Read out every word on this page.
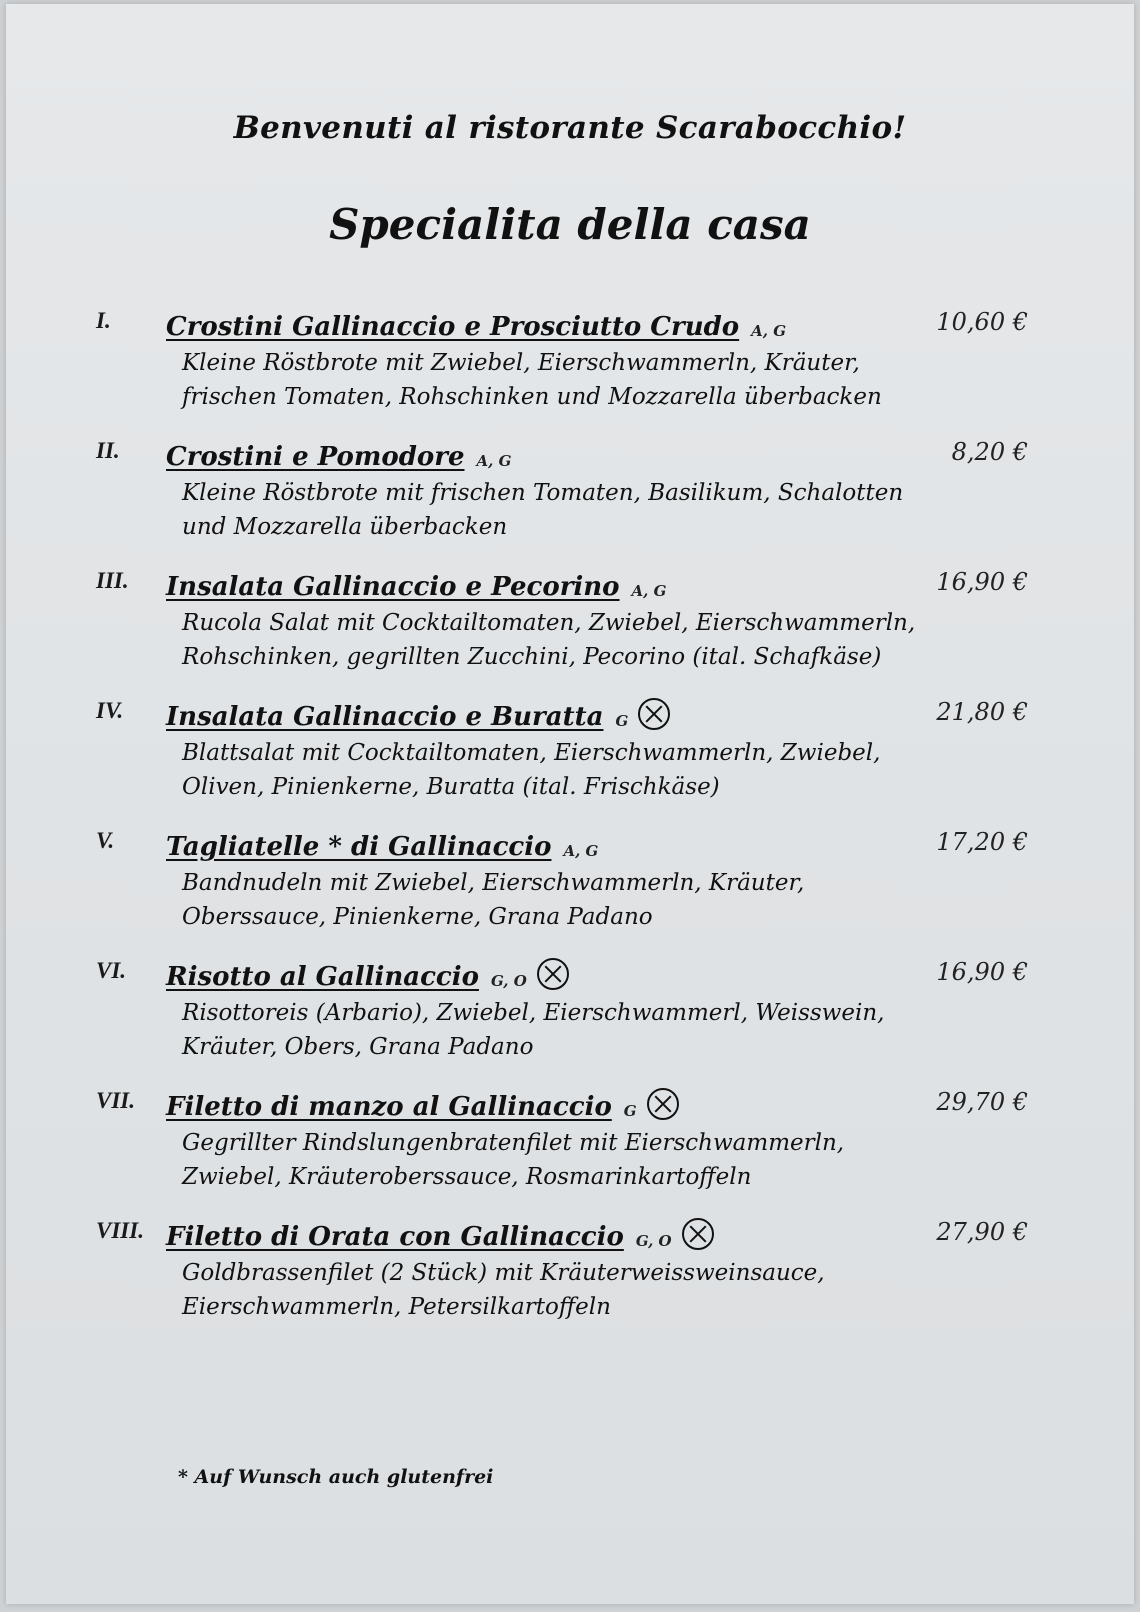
Benvenuti al ristorante Scarabocchio!
Specialita della casa
I.	Crostini Gallinaccio e Prosciutto Crudo A, G	10,60 €
Kleine Röstbrote mit Zwiebel, Eierschwammerln, Kräuter, frischen Tomaten, Rohschinken und Mozzarella überbacken
II.	Crostini e Pomodore A, G	8,20 €
Kleine Röstbrote mit frischen Tomaten, Basilikum, Schalotten und Mozzarella überbacken
III.	Insalata Gallinaccio e Pecorino A, G	16,90 €
Rucola Salat mit Cocktailtomaten, Zwiebel, Eierschwammerln, Rohschinken, gegrillten Zucchini, Pecorino (ital. Schafkäse)
IV.	Insalata Gallinaccio e Buratta G	21,80 €
Blattsalat mit Cocktailtomaten, Eierschwammerln, Zwiebel, Oliven, Pinienkerne, Buratta (ital. Frischkäse)
V.	Tagliatelle * di Gallinaccio A, G	17,20 €
Bandnudeln mit Zwiebel, Eierschwammerln, Kräuter, Oberssauce, Pinienkerne, Grana Padano
VI.	Risotto al Gallinaccio G, O	16,90 €
Risottoreis (Arbario), Zwiebel, Eierschwammerl, Weisswein, Kräuter, Obers, Grana Padano
VII.	Filetto di manzo al Gallinaccio G	29,70 €
Gegrillter Rindslungenbratenfilet mit Eierschwammerln, Zwiebel, Kräuteroberssauce, Rosmarinkartoffeln
VIII. Filetto di Orata con Gallinaccio G, O	27,90 €
Goldbrassenfilet (2 Stück) mit Kräuterweissweinsauce, Eierschwammerln, Petersilkartoffeln
* Auf Wunsch auch glutenfrei
